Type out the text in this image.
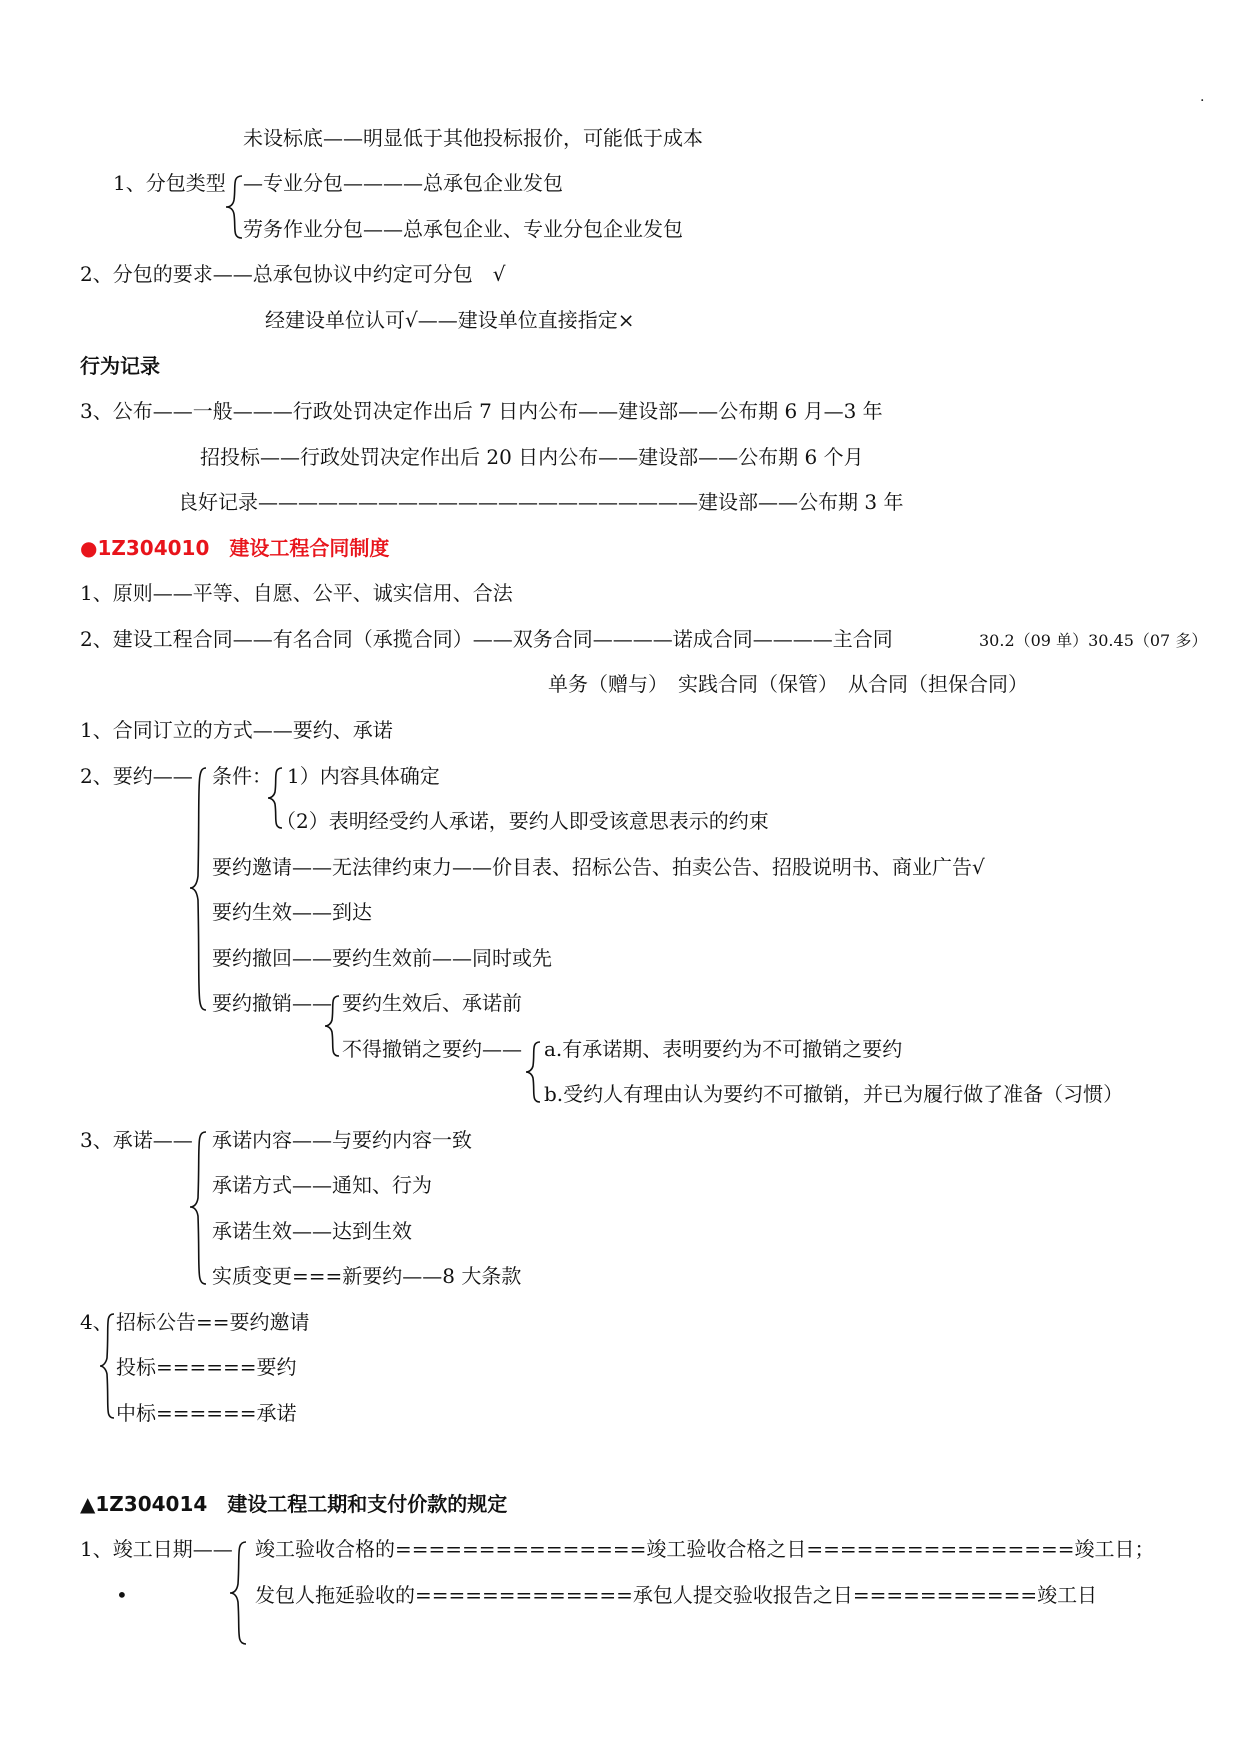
.
未设标底——明显低于其他投标报价，可能低于成本
1、分包类型 —专业分包————总承包企业发包
劳务作业分包——总承包企业、专业分包企业发包
2、分包的要求——总承包协议中约定可分包　√
经建设单位认可√——建设单位直接指定×
行为记录
3、公布——一般———行政处罚决定作出后 7 日内公布——建设部——公布期 6 月—3 年
招投标——行政处罚决定作出后 20 日内公布——建设部——公布期 6 个月
良好记录——————————————————————建设部——公布期 3 年
●1Z304010　建设工程合同制度
1、原则——平等、自愿、公平、诚实信用、合法
2、建设工程合同——有名合同（承揽合同）——双务合同————诺成合同————主合同	30.2（09 单）30.45（07 多）
单务（赠与）　实践合同（保管）　从合同（担保合同）
1、合同订立的方式——要约、承诺
2、要约—— 条件： 1）内容具体确定
（2）表明经受约人承诺，要约人即受该意思表示的约束
要约邀请——无法律约束力——价目表、招标公告、拍卖公告、招股说明书、商业广告√
要约生效——到达
要约撤回——要约生效前——同时或先
要约撤销—— 要约生效后、承诺前
不得撤销之要约—— a.有承诺期、表明要约为不可撤销之要约
b.受约人有理由认为要约不可撤销，并已为履行做了准备（习惯）
3、承诺—— 承诺内容——与要约内容一致
承诺方式——通知、行为
承诺生效——达到生效
实质变更===新要约——8 大条款
4、 招标公告==要约邀请
投标======要约
中标======承诺
▲1Z304014　建设工程工期和支付价款的规定
1、竣工日期—— 竣工验收合格的===============竣工验收合格之日================竣工日；
•	发包人拖延验收的=============承包人提交验收报告之日===========竣工日
